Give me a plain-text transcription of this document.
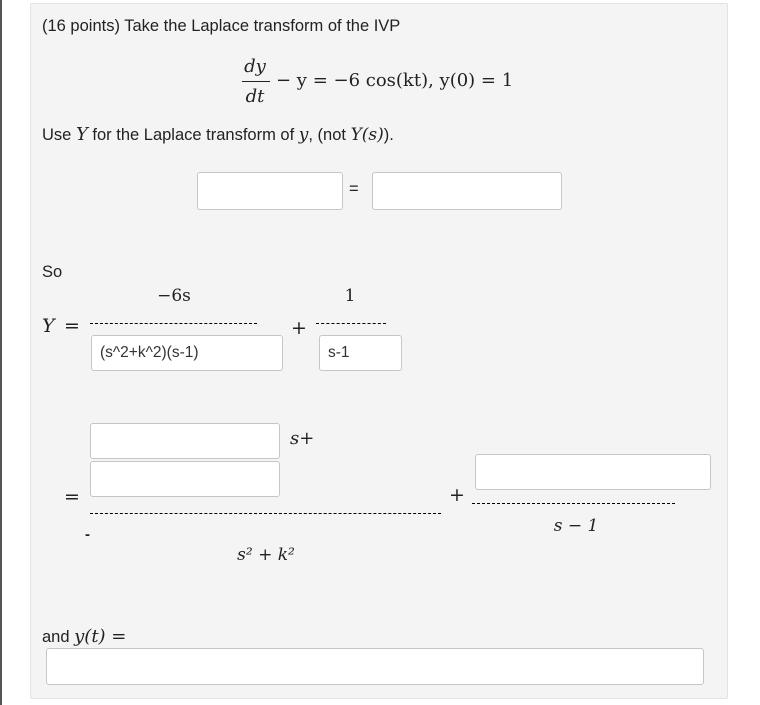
(16 points) Take the Laplace transform of the IVP
dy
dt
− y = −6 cos(kt), y(0) = 1
Use Y for the Laplace transform of y, (not Y(s)).
=
So
Y =
−6s
(s^2+k^2)(s-1)
+
1
s-1
s+
=
-
s² + k²
+
s − 1
and y(t) =
